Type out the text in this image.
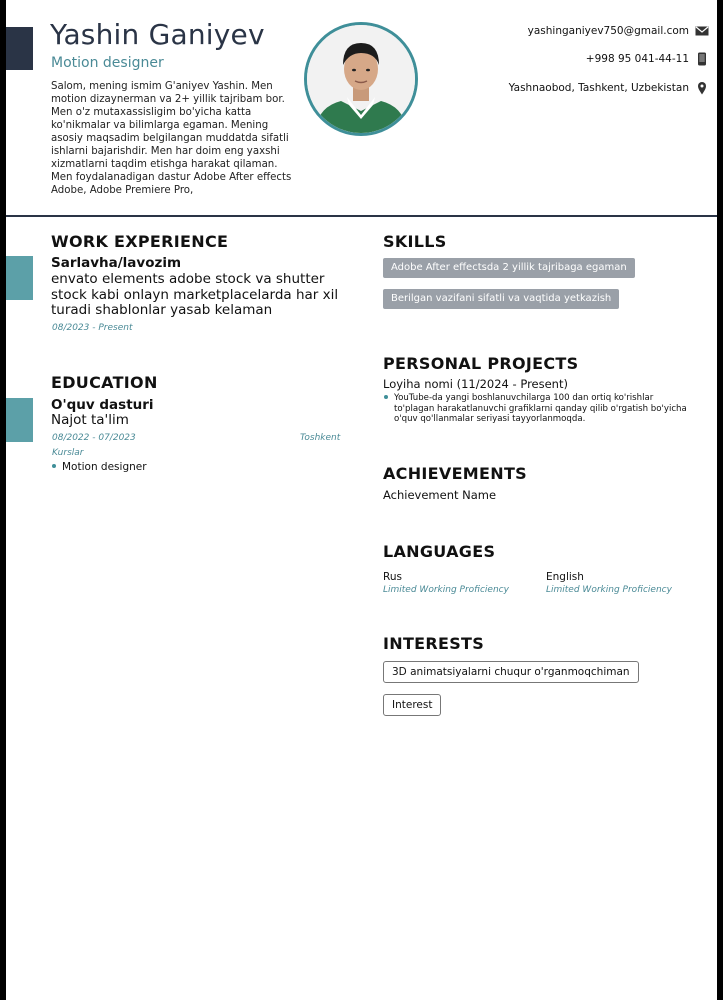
Yashin Ganiyev
Motion designer
Salom, mening ismim G'aniyev Yashin. Men motion dizaynerman va 2+ yillik tajribam bor. Men o'z mutaxassisligim bo'yicha katta ko'nikmalar va bilimlarga egaman. Mening asosiy maqsadim belgilangan muddatda sifatli ishlarni bajarishdir. Men har doim eng yaxshi xizmatlarni taqdim etishga harakat qilaman. Men foydalanadigan dastur Adobe After effects Adobe, Adobe Premiere Pro,
yashinganiyev750@gmail.com
+998 95 041-44-11
Yashnaobod, Tashkent, Uzbekistan
WORK EXPERIENCE
Sarlavha/lavozim
envato elements adobe stock va shutter stock kabi onlayn marketplacelarda har xil turadi shablonlar yasab kelaman
08/2023 - Present
EDUCATION
O'quv dasturi
Najot ta'lim
08/2022 - 07/2023	Toshkent
Kurslar
Motion designer
SKILLS
Adobe After effectsda 2 yillik tajribaga egaman
Berilgan vazifani sifatli va vaqtida yetkazish
PERSONAL PROJECTS
Loyiha nomi (11/2024 - Present)
YouTube-da yangi boshlanuvchilarga 100 dan ortiq ko'rishlar to'plagan harakatlanuvchi grafiklarni qanday qilib o'rgatish bo'yicha o'quv qo'llanmalar seriyasi tayyorlanmoqda.
ACHIEVEMENTS
Achievement Name
LANGUAGES
Rus
Limited Working Proficiency
English
Limited Working Proficiency
INTERESTS
3D animatsiyalarni chuqur o'rganmoqchiman
Interest
